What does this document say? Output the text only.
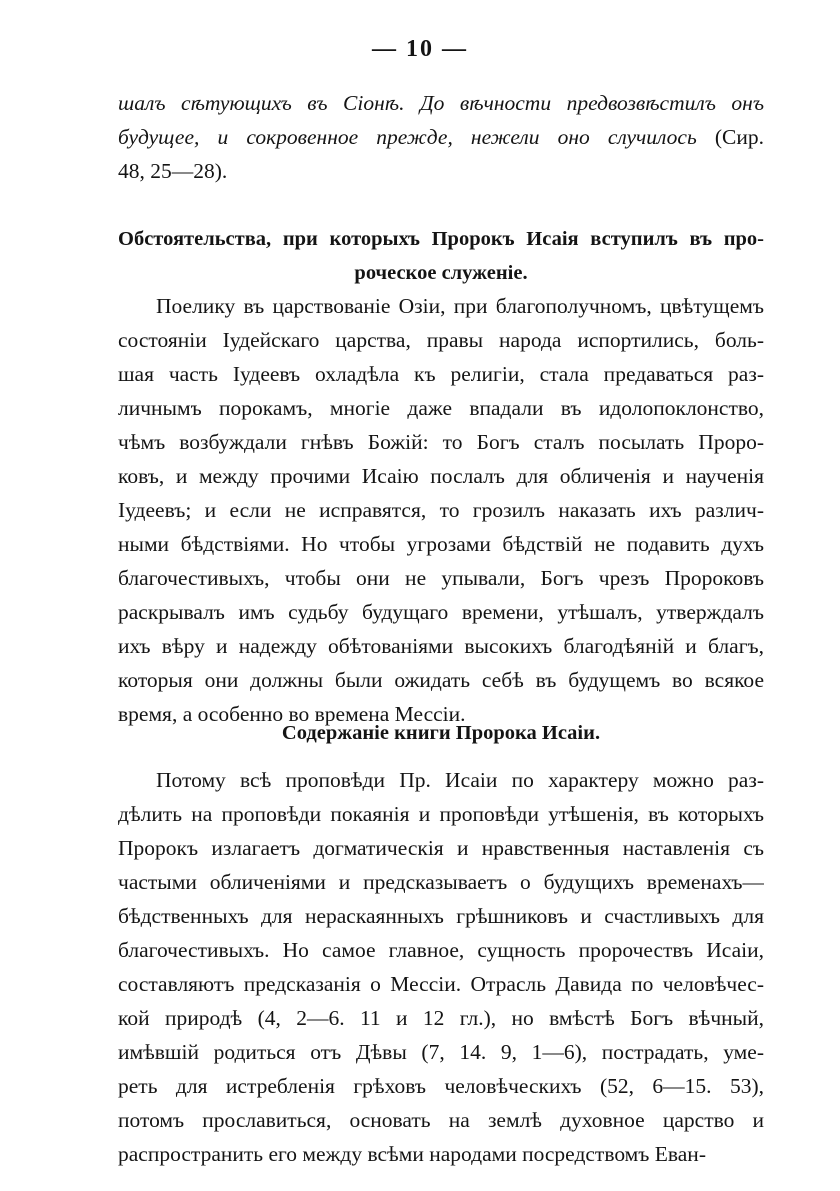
— 10 —
шалъ сѣтующихъ въ Сіонѣ. До вѣчности предвозвѣстилъ онъ
будущее, и сокровенное прежде, нежели оно случилось (Сир.
48, 25—28).
Обстоятельства, при которыхъ Пророкъ Исаія вступилъ въ про-
роческое служеніе.
Поелику въ царствованіе Озіи, при благополучномъ, цвѣтущемъ
состояніи Іудейскаго царства, правы народа испортились, боль-
шая часть Іудеевъ охладѣла къ религіи, стала предаваться раз-
личнымъ порокамъ, многіе даже впадали въ идолопоклонство,
чѣмъ возбуждали гнѣвъ Божій: то Богъ сталъ посылать Проро-
ковъ, и между прочими Исаію послалъ для обличенія и наученія
Іудеевъ; и если не исправятся, то грозилъ наказать ихъ различ-
ными бѣдствіями. Но чтобы угрозами бѣдствій не подавить духъ
благочестивыхъ, чтобы они не упывали, Богъ чрезъ Пророковъ
раскрывалъ имъ судьбу будущаго времени, утѣшалъ, утверждалъ
ихъ вѣру и надежду обѣтованіями высокихъ благодѣяній и благъ,
которыя они должны были ожидать себѣ въ будущемъ во всякое
время, а особенно во времена Мессіи.
Содержаніе книги Пророка Исаіи.
Потому всѣ проповѣди Пр. Исаіи по характеру можно раз-
дѣлить на проповѣди покаянія и проповѣди утѣшенія, въ которыхъ
Пророкъ излагаетъ догматическія и нравственныя наставленія съ
частыми обличеніями и предсказываетъ о будущихъ временахъ—
бѣдственныхъ для нераскаянныхъ грѣшниковъ и счастливыхъ для
благочестивыхъ. Но самое главное, сущность пророчествъ Исаіи,
составляютъ предсказанія о Мессіи. Отрасль Давида по человѣчес-
кой природѣ (4, 2—6. 11 и 12 гл.), но вмѣстѣ Богъ вѣчный,
имѣвшій родиться отъ Дѣвы (7, 14. 9, 1—6), пострадать, уме-
реть для истребленія грѣховъ человѣческихъ (52, 6—15. 53),
потомъ прославиться, основать на землѣ духовное царство и
распространить его между всѣми народами посредствомъ Еван-
